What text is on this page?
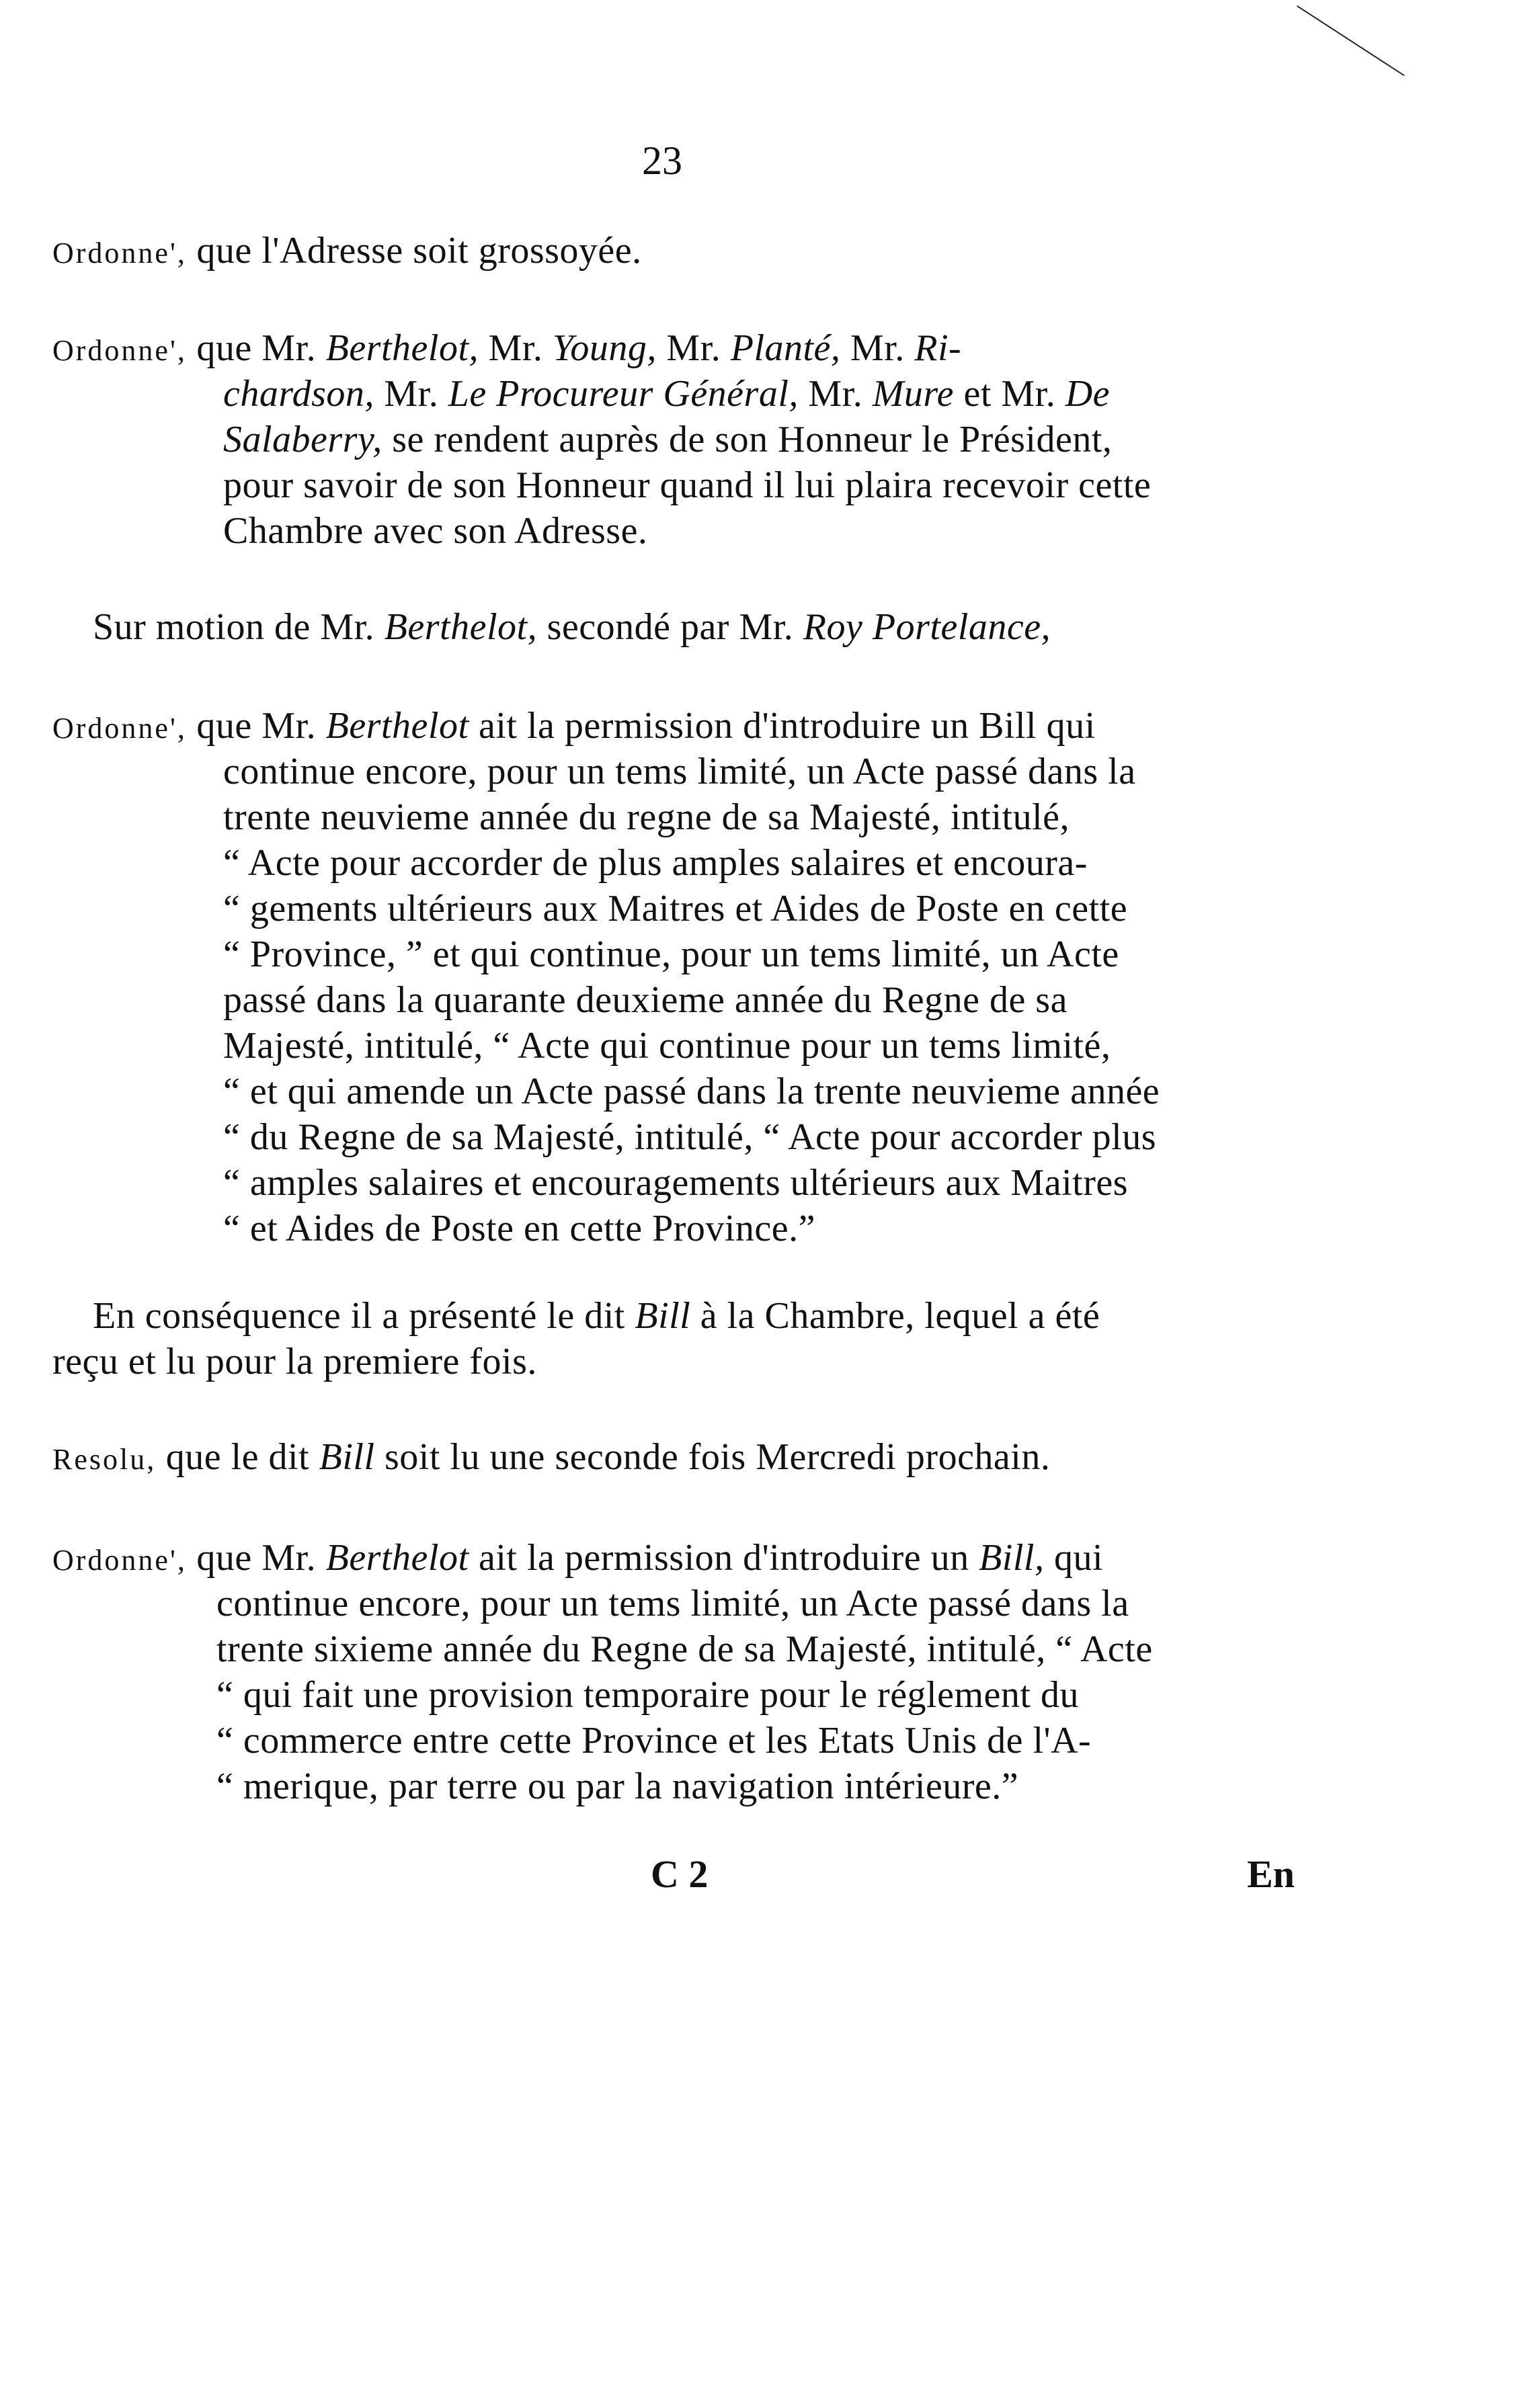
23
Ordonne', que l'Adresse soit grossoyée.
Ordonne', que Mr. Berthelot, Mr. Young, Mr. Planté, Mr. Ri-
chardson, Mr. Le Procureur Général, Mr. Mure et Mr. De
Salaberry, se rendent auprès de son Honneur le Président,
pour savoir de son Honneur quand il lui plaira recevoir cette
Chambre avec son Adresse.
Sur motion de Mr. Berthelot, secondé par Mr. Roy Portelance,
Ordonne', que Mr. Berthelot ait la permission d'introduire un Bill qui
continue encore, pour un tems limité, un Acte passé dans la
trente neuvieme année du regne de sa Majesté, intitulé,
“ Acte pour accorder de plus amples salaires et encoura-
“ gements ultérieurs aux Maitres et Aides de Poste en cette
“ Province, ” et qui continue, pour un tems limité, un Acte
passé dans la quarante deuxieme année du Regne de sa
Majesté, intitulé, “ Acte qui continue pour un tems limité,
“ et qui amende un Acte passé dans la trente neuvieme année
“ du Regne de sa Majesté, intitulé, “ Acte pour accorder plus
“ amples salaires et encouragements ultérieurs aux Maitres
“ et Aides de Poste en cette Province.”
En conséquence il a présenté le dit Bill à la Chambre, lequel a été
reçu et lu pour la premiere fois.
Resolu, que le dit Bill soit lu une seconde fois Mercredi prochain.
Ordonne', que Mr. Berthelot ait la permission d'introduire un Bill, qui
continue encore, pour un tems limité, un Acte passé dans la
trente sixieme année du Regne de sa Majesté, intitulé, “ Acte
“ qui fait une provision temporaire pour le réglement du
“ commerce entre cette Province et les Etats Unis de l'A-
“ merique, par terre ou par la navigation intérieure.”
C 2	En
